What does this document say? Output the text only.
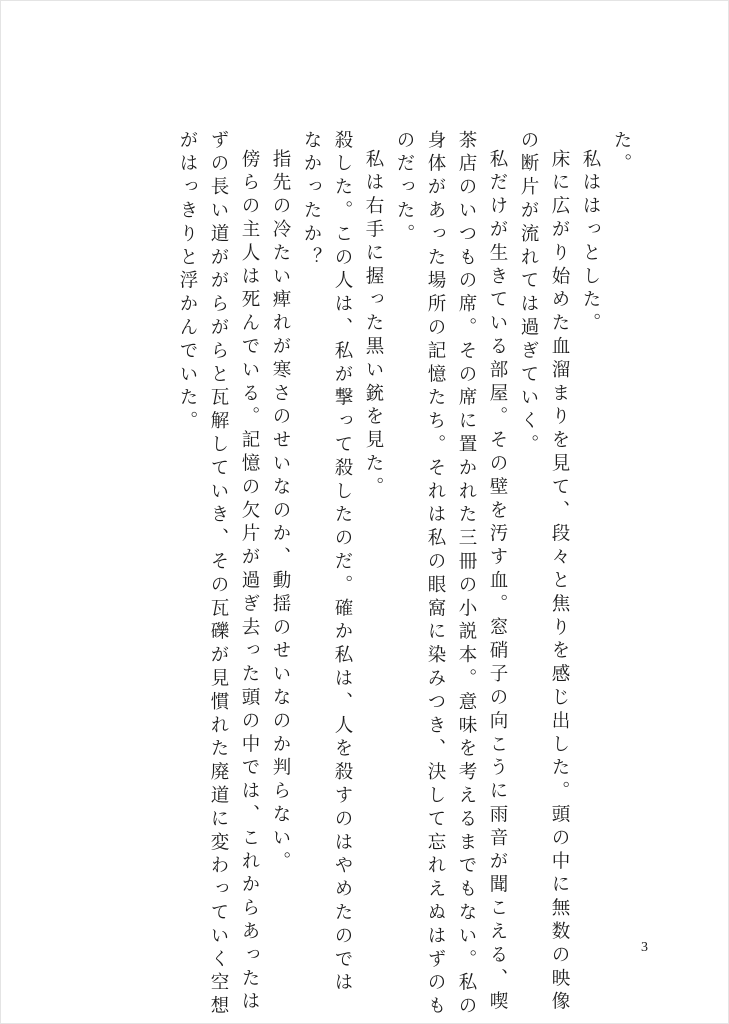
た。

私ははっとした。

床に広がり始めた血溜まりを見て、段々と焦りを感じ出した。頭の中に無数の映像

の断片が流れては過ぎていく。

私だけが生きている部屋。その壁を汚す血。窓硝子の向こうに雨音が聞こえる、喫

茶店のいつもの席。その席に置かれた三冊の小説本。意味を考えるまでもない。私の

身体があった場所の記憶たち。それは私の眼窩に染みつき、決して忘れえぬはずのも

のだった。

私は右手に握った黒い銃を見た。

殺した。この人は、私が撃って殺したのだ。確か私は、人を殺すのはやめたのでは

なかったか？

指先の冷たい痺れが寒さのせいなのか、動揺のせいなのか判らない。

傍らの主人は死んでいる。記憶の欠片が過ぎ去った頭の中では、これからあったは

ずの長い道ががらがらと瓦解していき、その瓦礫が見慣れた廃道に変わっていく空想

がはっきりと浮かんでいた。

3
